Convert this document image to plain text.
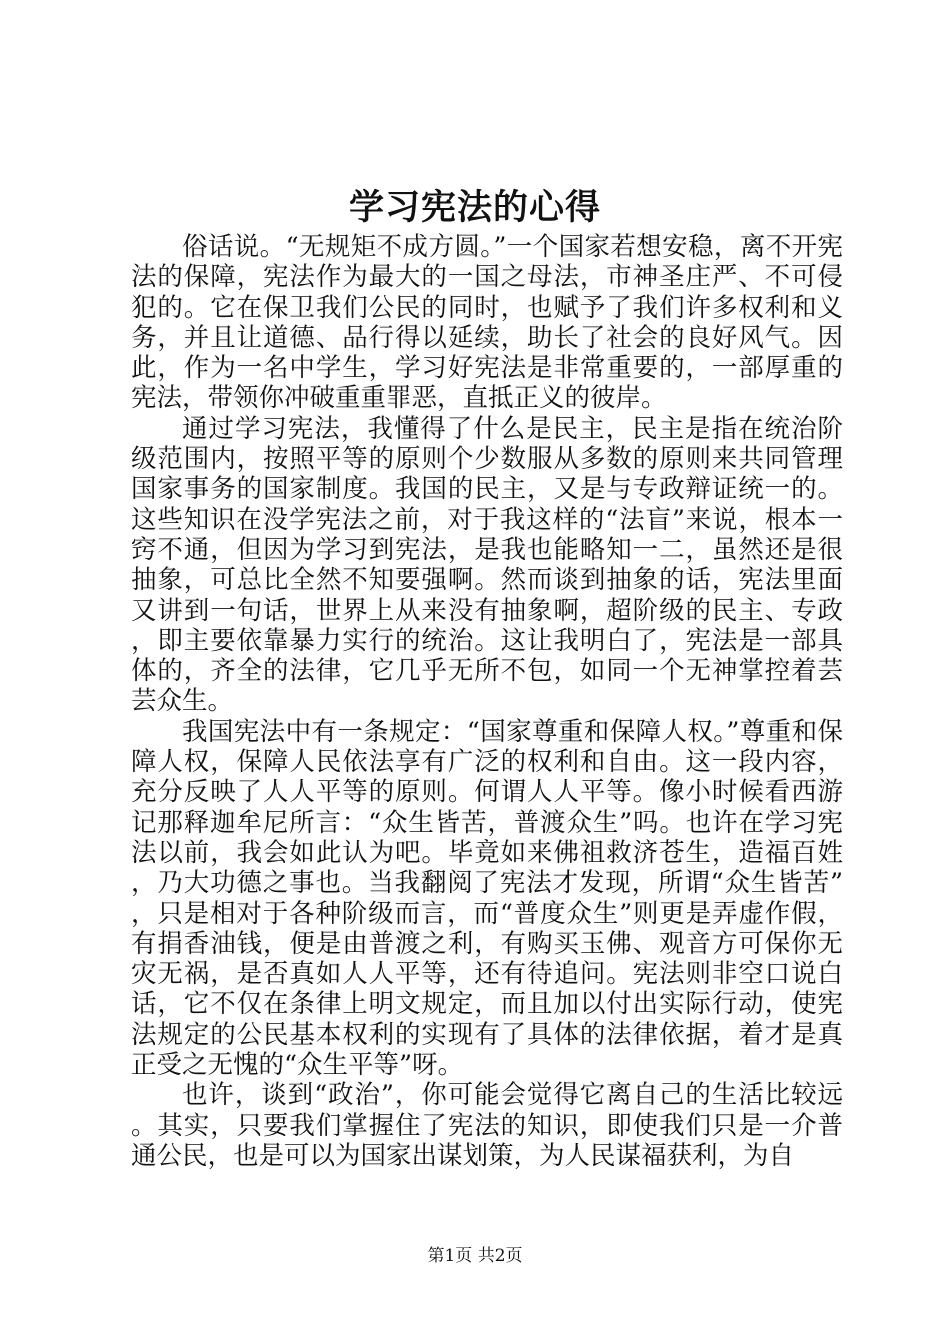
学习宪法的心得

俗话说。“无规矩不成方圆。”一个国家若想安稳，离不开宪法的保障，宪法作为最大的一国之母法，市神圣庄严、不可侵犯的。它在保卫我们公民的同时，也赋予了我们许多权利和义务，并且让道德、品行得以延续，助长了社会的良好风气。因此，作为一名中学生，学习好宪法是非常重要的，一部厚重的宪法，带领你冲破重重罪恶，直抵正义的彼岸。

通过学习宪法，我懂得了什么是民主，民主是指在统治阶级范围内，按照平等的原则个少数服从多数的原则来共同管理国家事务的国家制度。我国的民主，又是与专政辩证统一的。这些知识在没学宪法之前，对于我这样的“法盲”来说，根本一窍不通，但因为学习到宪法，是我也能略知一二，虽然还是很抽象，可总比全然不知要强啊。然而谈到抽象的话，宪法里面又讲到一句话，世界上从来没有抽象啊，超阶级的民主、专政，即主要依靠暴力实行的统治。这让我明白了，宪法是一部具体的，齐全的法律，它几乎无所不包，如同一个无神掌控着芸芸众生。

我国宪法中有一条规定：“国家尊重和保障人权。”尊重和保障人权，保障人民依法享有广泛的权利和自由。这一段内容，充分反映了人人平等的原则。何谓人人平等。像小时候看西游记那释迦牟尼所言：“众生皆苦，普渡众生”吗。也许在学习宪法以前，我会如此认为吧。毕竟如来佛祖救济苍生，造福百姓，乃大功德之事也。当我翻阅了宪法才发现，所谓“众生皆苦”，只是相对于各种阶级而言，而“普度众生”则更是弄虚作假，有捐香油钱，便是由普渡之利，有购买玉佛、观音方可保你无灾无祸，是否真如人人平等，还有待追问。宪法则非空口说白话，它不仅在条律上明文规定，而且加以付出实际行动，使宪法规定的公民基本权利的实现有了具体的法律依据，着才是真正受之无愧的“众生平等”呀。

也许，谈到“政治”，你可能会觉得它离自己的生活比较远。其实，只要我们掌握住了宪法的知识，即使我们只是一介普通公民，也是可以为国家出谋划策，为人民谋福获利，为自

第1页 共2页
